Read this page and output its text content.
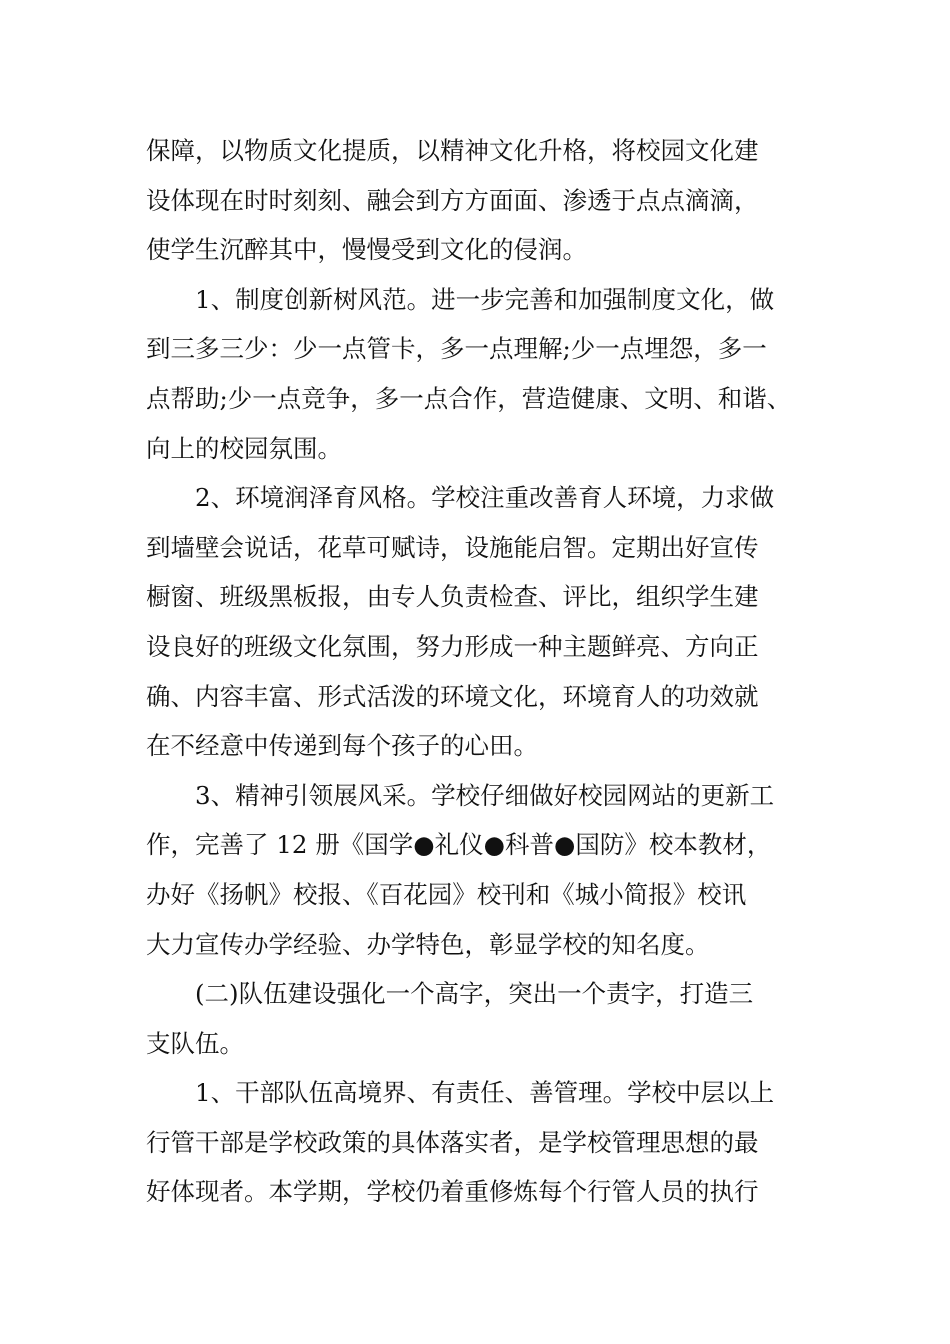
保障，以物质文化提质，以精神文化升格，将校园文化建
设体现在时时刻刻、融会到方方面面、渗透于点点滴滴，
使学生沉醉其中，慢慢受到文化的侵润。
1、制度创新树风范。进一步完善和加强制度文化，做
到三多三少：少一点管卡，多一点理解;少一点埋怨，多一
点帮助;少一点竞争，多一点合作，营造健康、文明、和谐、
向上的校园氛围。
2、环境润泽育风格。学校注重改善育人环境，力求做
到墙壁会说话，花草可赋诗，设施能启智。定期出好宣传
橱窗、班级黑板报，由专人负责检查、评比，组织学生建
设良好的班级文化氛围，努力形成一种主题鲜亮、方向正
确、内容丰富、形式活泼的环境文化，环境育人的功效就
在不经意中传递到每个孩子的心田。
3、精神引领展风采。学校仔细做好校园网站的更新工
作，完善了 12 册《国学●礼仪●科普●国防》校本教材，
办好《扬帆》校报、《百花园》校刊和《城小简报》校讯
大力宣传办学经验、办学特色，彰显学校的知名度。
(二)队伍建设强化一个高字，突出一个责字，打造三
支队伍。
1、干部队伍高境界、有责任、善管理。学校中层以上
行管干部是学校政策的具体落实者，是学校管理思想的最
好体现者。本学期，学校仍着重修炼每个行管人员的执行
